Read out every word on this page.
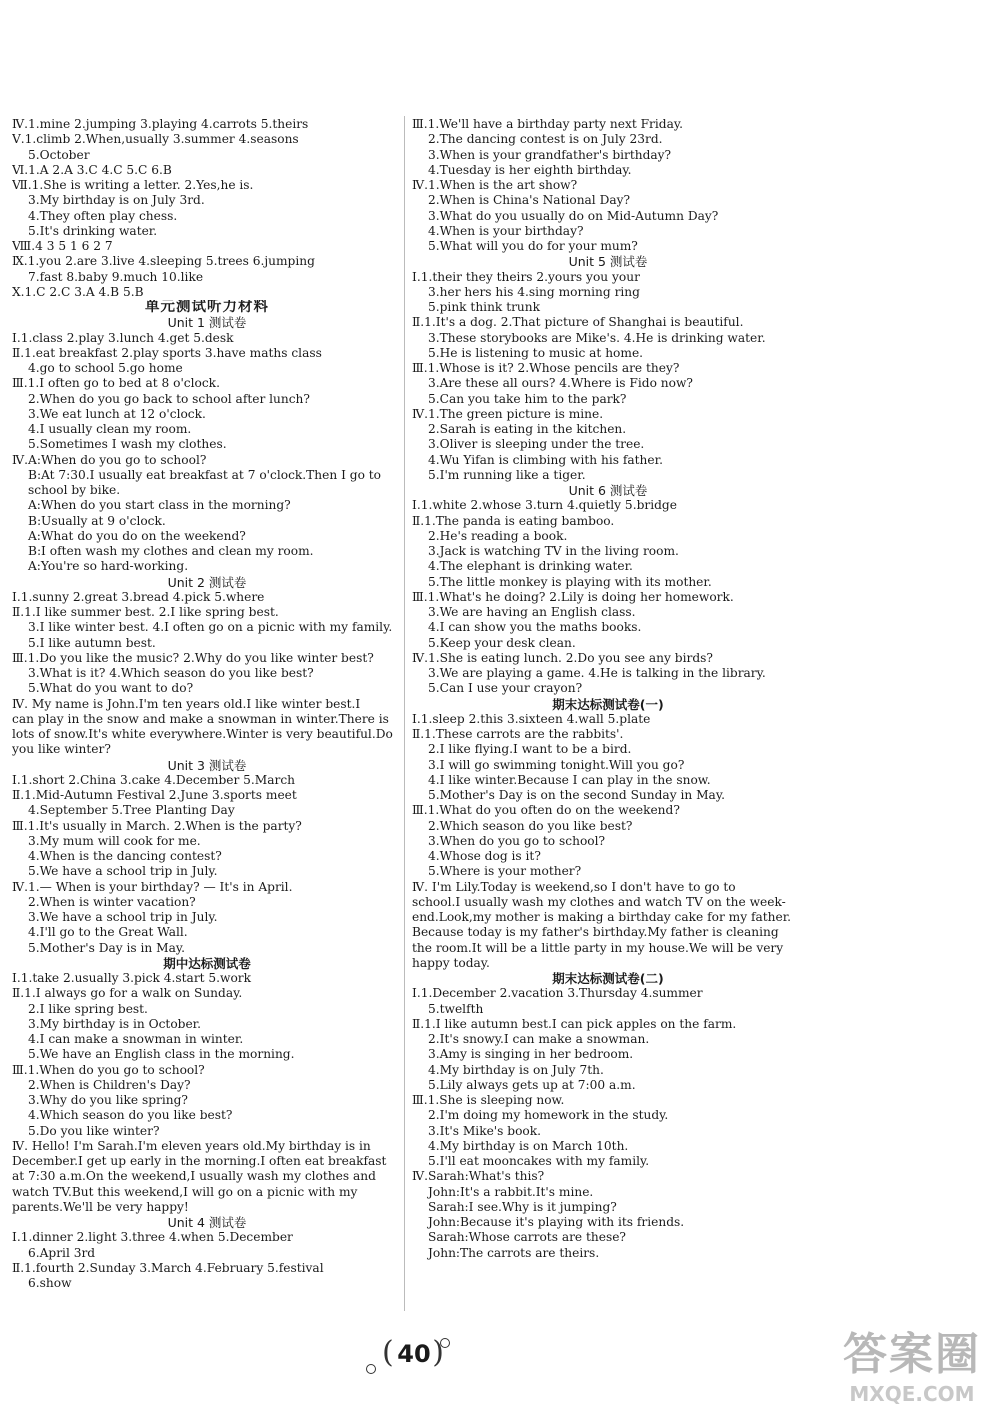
Ⅳ.1.mine 2.jumping 3.playing 4.carrots 5.theirs
Ⅴ.1.climb 2.When,usually 3.summer 4.seasons
5.October
Ⅵ.1.A 2.A 3.C 4.C 5.C 6.B
Ⅶ.1.She is writing a letter. 2.Yes,he is.
3.My birthday is on July 3rd.
4.They often play chess.
5.It's drinking water.
Ⅷ.4 3 5 1 6 2 7
Ⅸ.1.you 2.are 3.live 4.sleeping 5.trees 6.jumping
7.fast 8.baby 9.much 10.like
Ⅹ.1.C 2.C 3.A 4.B 5.B
单元测试听力材料
Unit 1 测试卷
Ⅰ.1.class 2.play 3.lunch 4.get 5.desk
Ⅱ.1.eat breakfast 2.play sports 3.have maths class
4.go to school 5.go home
Ⅲ.1.I often go to bed at 8 o'clock.
2.When do you go back to school after lunch?
3.We eat lunch at 12 o'clock.
4.I usually clean my room.
5.Sometimes I wash my clothes.
Ⅳ.A:When do you go to school?
B:At 7:30.I usually eat breakfast at 7 o'clock.Then I go to
school by bike.
A:When do you start class in the morning?
B:Usually at 9 o'clock.
A:What do you do on the weekend?
B:I often wash my clothes and clean my room.
A:You're so hard-working.
Unit 2 测试卷
Ⅰ.1.sunny 2.great 3.bread 4.pick 5.where
Ⅱ.1.I like summer best. 2.I like spring best.
3.I like winter best. 4.I often go on a picnic with my family.
5.I like autumn best.
Ⅲ.1.Do you like the music? 2.Why do you like winter best?
3.What is it? 4.Which season do you like best?
5.What do you want to do?
Ⅳ. My name is John.I'm ten years old.I like winter best.I
can play in the snow and make a snowman in winter.There is
lots of snow.It's white everywhere.Winter is very beautiful.Do
you like winter?
Unit 3 测试卷
Ⅰ.1.short 2.China 3.cake 4.December 5.March
Ⅱ.1.Mid-Autumn Festival 2.June 3.sports meet
4.September 5.Tree Planting Day
Ⅲ.1.It's usually in March. 2.When is the party?
3.My mum will cook for me.
4.When is the dancing contest?
5.We have a school trip in July.
Ⅳ.1.— When is your birthday? — It's in April.
2.When is winter vacation?
3.We have a school trip in July.
4.I'll go to the Great Wall.
5.Mother's Day is in May.
期中达标测试卷
Ⅰ.1.take 2.usually 3.pick 4.start 5.work
Ⅱ.1.I always go for a walk on Sunday.
2.I like spring best.
3.My birthday is in October.
4.I can make a snowman in winter.
5.We have an English class in the morning.
Ⅲ.1.When do you go to school?
2.When is Children's Day?
3.Why do you like spring?
4.Which season do you like best?
5.Do you like winter?
Ⅳ. Hello! I'm Sarah.I'm eleven years old.My birthday is in
December.I get up early in the morning.I often eat breakfast
at 7:30 a.m.On the weekend,I usually wash my clothes and
watch TV.But this weekend,I will go on a picnic with my
parents.We'll be very happy!
Unit 4 测试卷
Ⅰ.1.dinner 2.light 3.three 4.when 5.December
6.April 3rd
Ⅱ.1.fourth 2.Sunday 3.March 4.February 5.festival
6.show
Ⅲ.1.We'll have a birthday party next Friday.
2.The dancing contest is on July 23rd.
3.When is your grandfather's birthday?
4.Tuesday is her eighth birthday.
Ⅳ.1.When is the art show?
2.When is China's National Day?
3.What do you usually do on Mid-Autumn Day?
4.When is your birthday?
5.What will you do for your mum?
Unit 5 测试卷
Ⅰ.1.their they theirs 2.yours you your
3.her hers his 4.sing morning ring
5.pink think trunk
Ⅱ.1.It's a dog. 2.That picture of Shanghai is beautiful.
3.These storybooks are Mike's. 4.He is drinking water.
5.He is listening to music at home.
Ⅲ.1.Whose is it? 2.Whose pencils are they?
3.Are these all ours? 4.Where is Fido now?
5.Can you take him to the park?
Ⅳ.1.The green picture is mine.
2.Sarah is eating in the kitchen.
3.Oliver is sleeping under the tree.
4.Wu Yifan is climbing with his father.
5.I'm running like a tiger.
Unit 6 测试卷
Ⅰ.1.white 2.whose 3.turn 4.quietly 5.bridge
Ⅱ.1.The panda is eating bamboo.
2.He's reading a book.
3.Jack is watching TV in the living room.
4.The elephant is drinking water.
5.The little monkey is playing with its mother.
Ⅲ.1.What's he doing? 2.Lily is doing her homework.
3.We are having an English class.
4.I can show you the maths books.
5.Keep your desk clean.
Ⅳ.1.She is eating lunch. 2.Do you see any birds?
3.We are playing a game. 4.He is talking in the library.
5.Can I use your crayon?
期末达标测试卷(一)
Ⅰ.1.sleep 2.this 3.sixteen 4.wall 5.plate
Ⅱ.1.These carrots are the rabbits'.
2.I like flying.I want to be a bird.
3.I will go swimming tonight.Will you go?
4.I like winter.Because I can play in the snow.
5.Mother's Day is on the second Sunday in May.
Ⅲ.1.What do you often do on the weekend?
2.Which season do you like best?
3.When do you go to school?
4.Whose dog is it?
5.Where is your mother?
Ⅳ. I'm Lily.Today is weekend,so I don't have to go to
school.I usually wash my clothes and watch TV on the week-
end.Look,my mother is making a birthday cake for my father.
Because today is my father's birthday.My father is cleaning
the room.It will be a little party in my house.We will be very
happy today.
期末达标测试卷(二)
Ⅰ.1.December 2.vacation 3.Thursday 4.summer
5.twelfth
Ⅱ.1.I like autumn best.I can pick apples on the farm.
2.It's snowy.I can make a snowman.
3.Amy is singing in her bedroom.
4.My birthday is on July 7th.
5.Lily always gets up at 7:00 a.m.
Ⅲ.1.She is sleeping now.
2.I'm doing my homework in the study.
3.It's Mike's book.
4.My birthday is on March 10th.
5.I'll eat mooncakes with my family.
Ⅳ.Sarah:What's this?
John:It's a rabbit.It's mine.
Sarah:I see.Why is it jumping?
John:Because it's playing with its friends.
Sarah:Whose carrots are these?
John:The carrots are theirs.
( 40 )	答案圈
MXQE.COM
